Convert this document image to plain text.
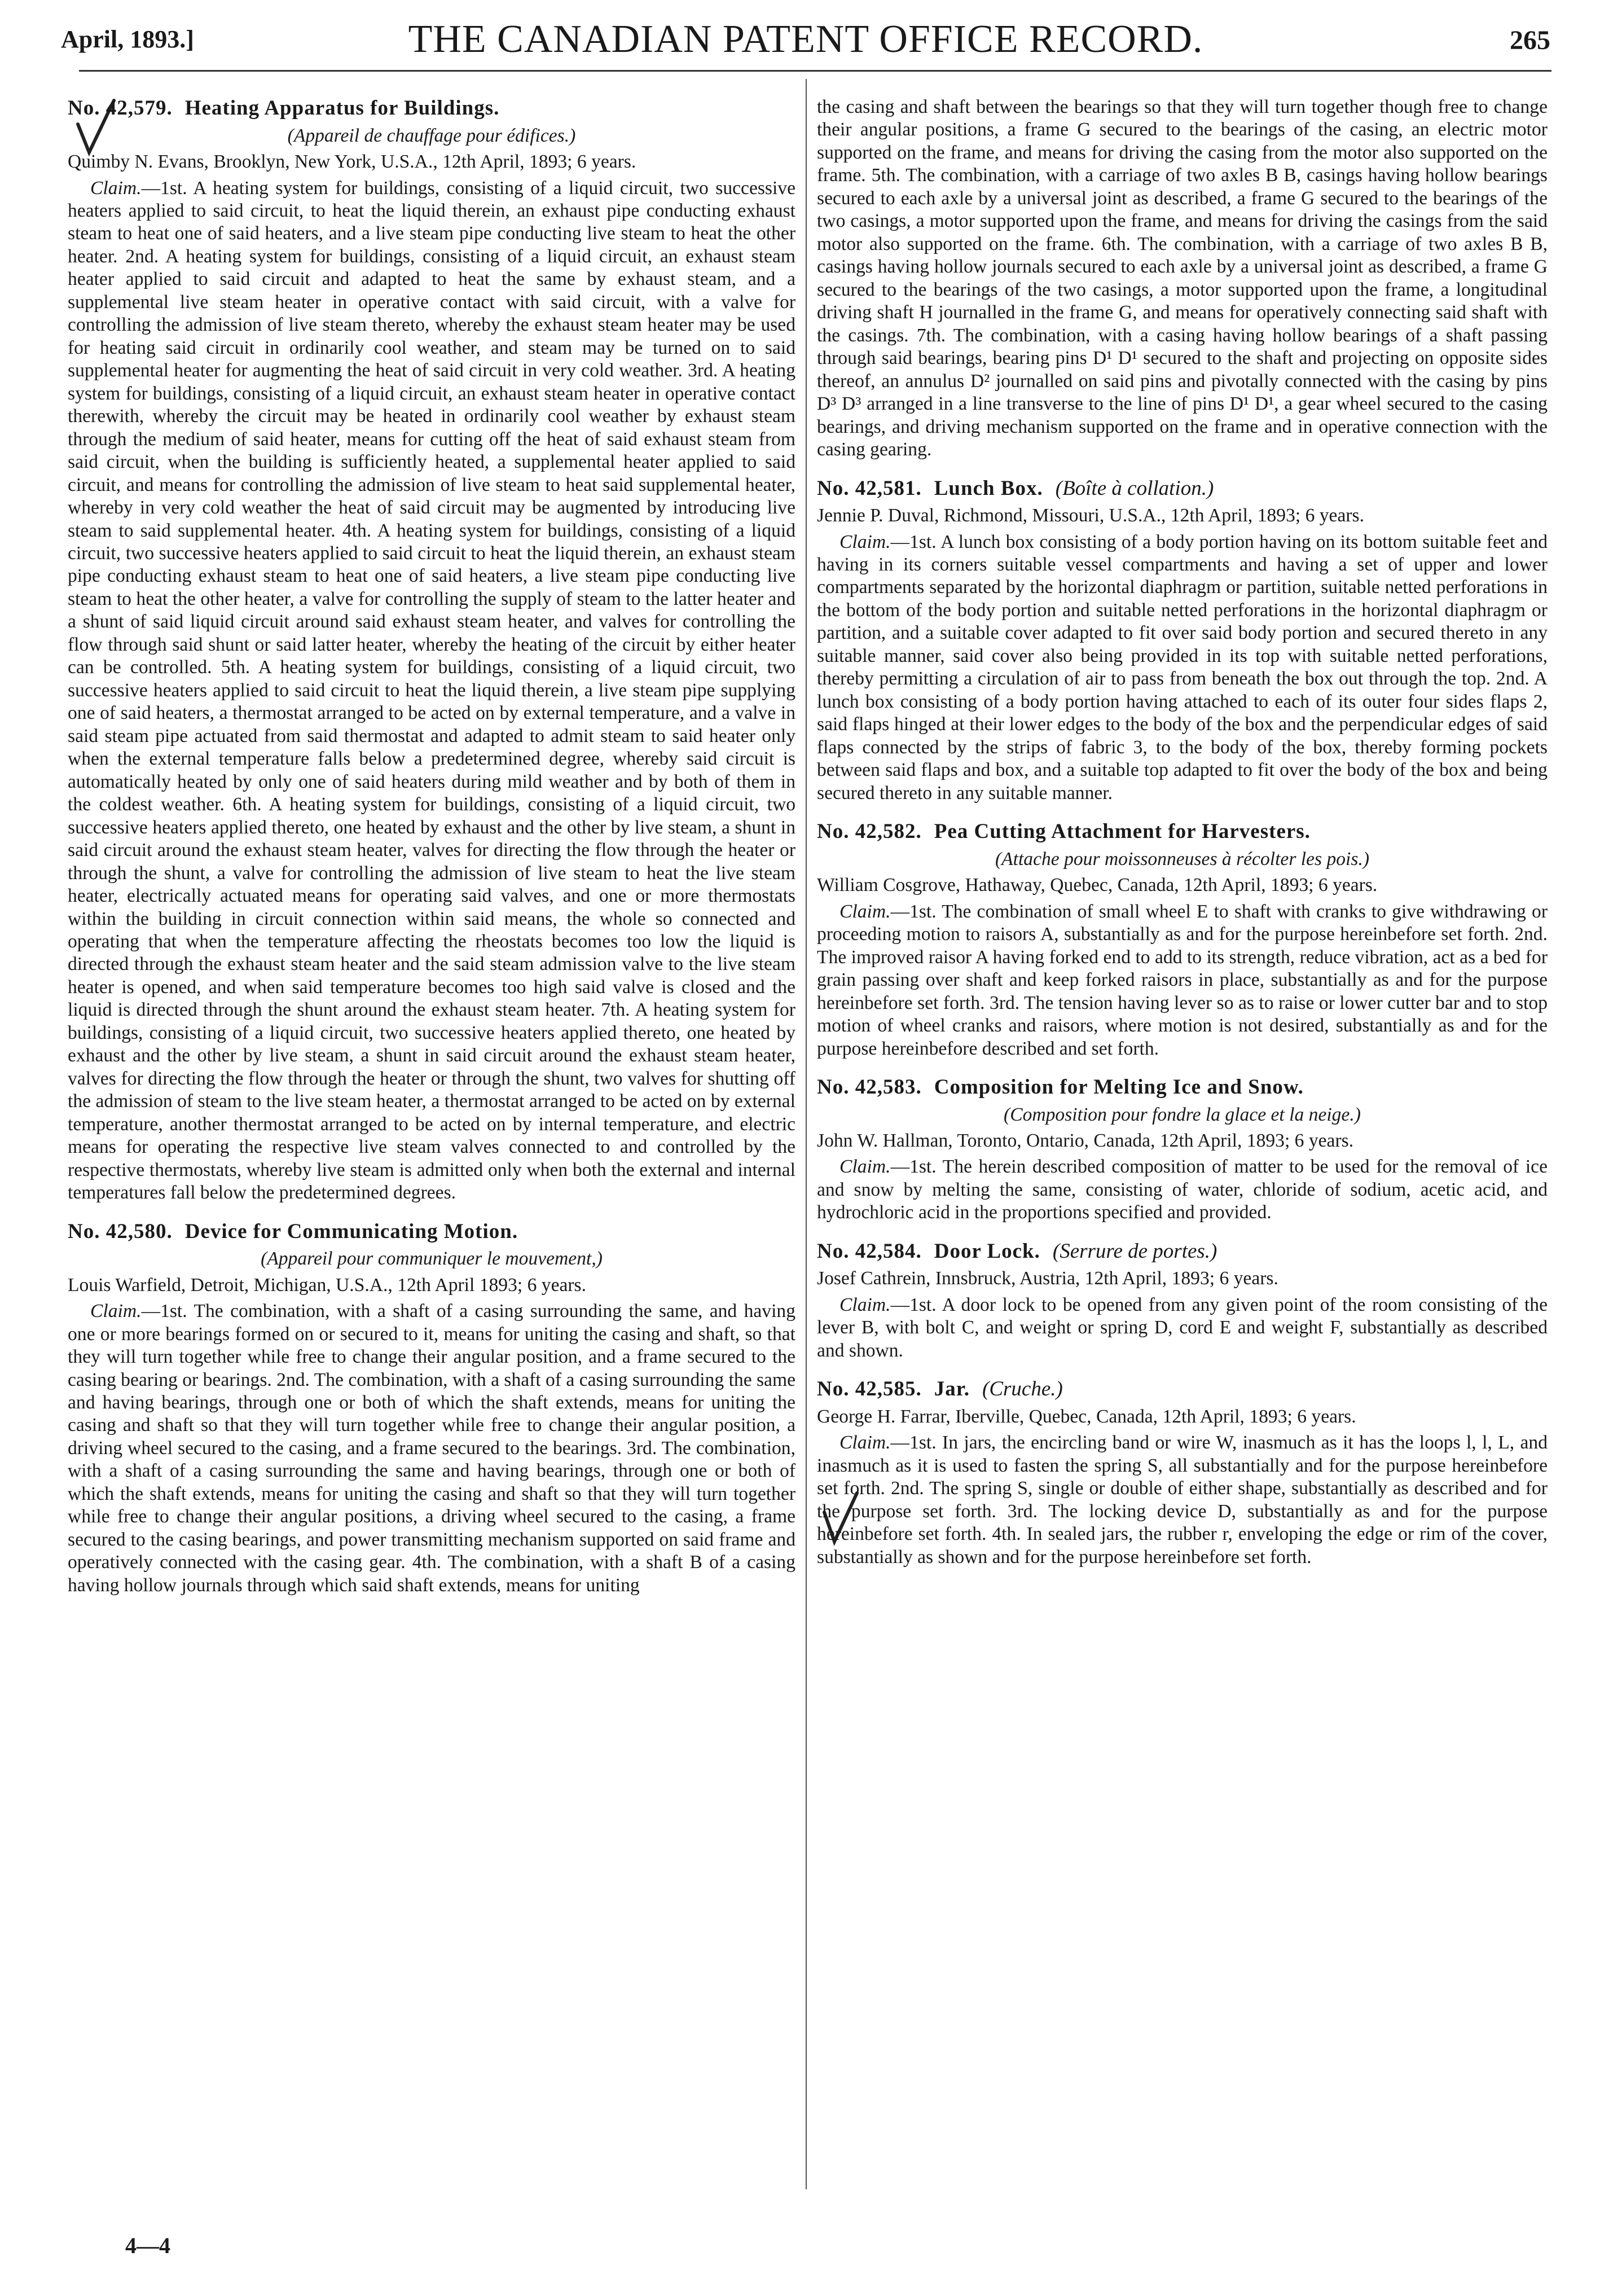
April, 1893.]	THE CANADIAN PATENT OFFICE RECORD.	265
No. 42,579. Heating Apparatus for Buildings.
(Appareil de chauffage pour édifices.)
Quimby N. Evans, Brooklyn, New York, U.S.A., 12th April, 1893; 6 years.

Claim.—1st. A heating system for buildings, consisting of a liquid circuit, two successive heaters applied to said circuit, to heat the liquid therein, an exhaust pipe conducting exhaust steam to heat one of said heaters, and a live steam pipe conducting live steam to heat the other heater. 2nd. A heating system for buildings, consisting of a liquid circuit, an exhaust steam heater applied to said circuit and adapted to heat the same by exhaust steam, and a supplemental live steam heater in operative contact with said circuit, with a valve for controlling the admission of live steam thereto, whereby the exhaust steam heater may be used for heating said circuit in ordinarily cool weather, and steam may be turned on to said supplemental heater for augmenting the heat of said circuit in very cold weather. 3rd. A heating system for buildings, consisting of a liquid circuit, an exhaust steam heater in operative contact therewith, whereby the circuit may be heated in ordinarily cool weather by exhaust steam through the medium of said heater, means for cutting off the heat of said exhaust steam from said circuit, when the building is sufficiently heated, a supplemental heater applied to said circuit, and means for controlling the admission of live steam to heat said supplemental heater, whereby in very cold weather the heat of said circuit may be augmented by introducing live steam to said supplemental heater. 4th. A heating system for buildings, consisting of a liquid circuit, two successive heaters applied to said circuit to heat the liquid therein, an exhaust steam pipe conducting exhaust steam to heat one of said heaters, a live steam pipe conducting live steam to heat the other heater, a valve for controlling the supply of steam to the latter heater and a shunt of said liquid circuit around said exhaust steam heater, and valves for controlling the flow through said shunt or said latter heater, whereby the heating of the circuit by either heater can be controlled. 5th. A heating system for buildings, consisting of a liquid circuit, two successive heaters applied to said circuit to heat the liquid therein, a live steam pipe supplying one of said heaters, a thermostat arranged to be acted on by external temperature, and a valve in said steam pipe actuated from said thermostat and adapted to admit steam to said heater only when the external temperature falls below a predetermined degree, whereby said circuit is automatically heated by only one of said heaters during mild weather and by both of them in the coldest weather. 6th. A heating system for buildings, consisting of a liquid circuit, two successive heaters applied thereto, one heated by exhaust and the other by live steam, a shunt in said circuit around the exhaust steam heater, valves for directing the flow through the heater or through the shunt, a valve for controlling the admission of live steam to heat the live steam heater, electrically actuated means for operating said valves, and one or more thermostats within the building in circuit connection within said means, the whole so connected and operating that when the temperature affecting the rheostats becomes too low the liquid is directed through the exhaust steam heater and the said steam admission valve to the live steam heater is opened, and when said temperature becomes too high said valve is closed and the liquid is directed through the shunt around the exhaust steam heater. 7th. A heating system for buildings, consisting of a liquid circuit, two successive heaters applied thereto, one heated by exhaust and the other by live steam, a shunt in said circuit around the exhaust steam heater, valves for directing the flow through the heater or through the shunt, two valves for shutting off the admission of steam to the live steam heater, a thermostat arranged to be acted on by external temperature, another thermostat arranged to be acted on by internal temperature, and electric means for operating the respective live steam valves connected to and controlled by the respective thermostats, whereby live steam is admitted only when both the external and internal temperatures fall below the predetermined degrees.

No. 42,580. Device for Communicating Motion.
(Appareil pour communiquer le mouvement,)
Louis Warfield, Detroit, Michigan, U.S.A., 12th April 1893; 6 years.

Claim.—1st. The combination, with a shaft of a casing surrounding the same, and having one or more bearings formed on or secured to it, means for uniting the casing and shaft, so that they will turn together while free to change their angular position, and a frame secured to the casing bearing or bearings. 2nd. The combination, with a shaft of a casing surrounding the same and having bearings, through one or both of which the shaft extends, means for uniting the casing and shaft so that they will turn together while free to change their angular position, a driving wheel secured to the casing, and a frame secured to the bearings. 3rd. The combination, with a shaft of a casing surrounding the same and having bearings, through one or both of which the shaft extends, means for uniting the casing and shaft so that they will turn together while free to change their angular positions, a driving wheel secured to the casing, a frame secured to the casing bearings, and power transmitting mechanism supported on said frame and operatively connected with the casing gear. 4th. The combination, with a shaft B of a casing having hollow journals through which said shaft extends, means for uniting

the casing and shaft between the bearings so that they will turn together though free to change their angular positions, a frame G secured to the bearings of the casing, an electric motor supported on the frame, and means for driving the casing from the motor also supported on the frame. 5th. The combination, with a carriage of two axles B B, casings having hollow bearings secured to each axle by a universal joint as described, a frame G secured to the bearings of the two casings, a motor supported upon the frame, and means for driving the casings from the said motor also supported on the frame. 6th. The combination, with a carriage of two axles B B, casings having hollow journals secured to each axle by a universal joint as described, a frame G secured to the bearings of the two casings, a motor supported upon the frame, a longitudinal driving shaft H journalled in the frame G, and means for operatively connecting said shaft with the casings. 7th. The combination, with a casing having hollow bearings of a shaft passing through said bearings, bearing pins D¹ D¹ secured to the shaft and projecting on opposite sides thereof, an annulus D² journalled on said pins and pivotally connected with the casing by pins D³ D³ arranged in a line transverse to the line of pins D¹ D¹, a gear wheel secured to the casing bearings, and driving mechanism supported on the frame and in operative connection with the casing gearing.

No. 42,581. Lunch Box. (Boîte à collation.)
Jennie P. Duval, Richmond, Missouri, U.S.A., 12th April, 1893; 6 years.

Claim.—1st. A lunch box consisting of a body portion having on its bottom suitable feet and having in its corners suitable vessel compartments and having a set of upper and lower compartments separated by the horizontal diaphragm or partition, suitable netted perforations in the bottom of the body portion and suitable netted perforations in the horizontal diaphragm or partition, and a suitable cover adapted to fit over said body portion and secured thereto in any suitable manner, said cover also being provided in its top with suitable netted perforations, thereby permitting a circulation of air to pass from beneath the box out through the top. 2nd. A lunch box consisting of a body portion having attached to each of its outer four sides flaps 2, said flaps hinged at their lower edges to the body of the box and the perpendicular edges of said flaps connected by the strips of fabric 3, to the body of the box, thereby forming pockets between said flaps and box, and a suitable top adapted to fit over the body of the box and being secured thereto in any suitable manner.

No. 42,582. Pea Cutting Attachment for Harvesters.
(Attache pour moissonneuses à récolter les pois.)
William Cosgrove, Hathaway, Quebec, Canada, 12th April, 1893; 6 years.

Claim.—1st. The combination of small wheel E to shaft with cranks to give withdrawing or proceeding motion to raisors A, substantially as and for the purpose hereinbefore set forth. 2nd. The improved raisor A having forked end to add to its strength, reduce vibration, act as a bed for grain passing over shaft and keep forked raisors in place, substantially as and for the purpose hereinbefore set forth. 3rd. The tension having lever so as to raise or lower cutter bar and to stop motion of wheel cranks and raisors, where motion is not desired, substantially as and for the purpose hereinbefore described and set forth.

No. 42,583. Composition for Melting Ice and Snow.
(Composition pour fondre la glace et la neige.)
John W. Hallman, Toronto, Ontario, Canada, 12th April, 1893; 6 years.

Claim.—1st. The herein described composition of matter to be used for the removal of ice and snow by melting the same, consisting of water, chloride of sodium, acetic acid, and hydrochloric acid in the proportions specified and provided.

No. 42,584. Door Lock. (Serrure de portes.)
Josef Cathrein, Innsbruck, Austria, 12th April, 1893; 6 years.

Claim.—1st. A door lock to be opened from any given point of the room consisting of the lever B, with bolt C, and weight or spring D, cord E and weight F, substantially as described and shown.

No. 42,585. Jar. (Cruche.)
George H. Farrar, Iberville, Quebec, Canada, 12th April, 1893; 6 years.

Claim.—1st. In jars, the encircling band or wire W, inasmuch as it has the loops l, l, L, and inasmuch as it is used to fasten the spring S, all substantially and for the purpose hereinbefore set forth. 2nd. The spring S, single or double of either shape, substantially as described and for the purpose set forth. 3rd. The locking device D, substantially as and for the purpose hereinbefore set forth. 4th. In sealed jars, the rubber r, enveloping the edge or rim of the cover, substantially as shown and for the purpose hereinbefore set forth.

4—4
